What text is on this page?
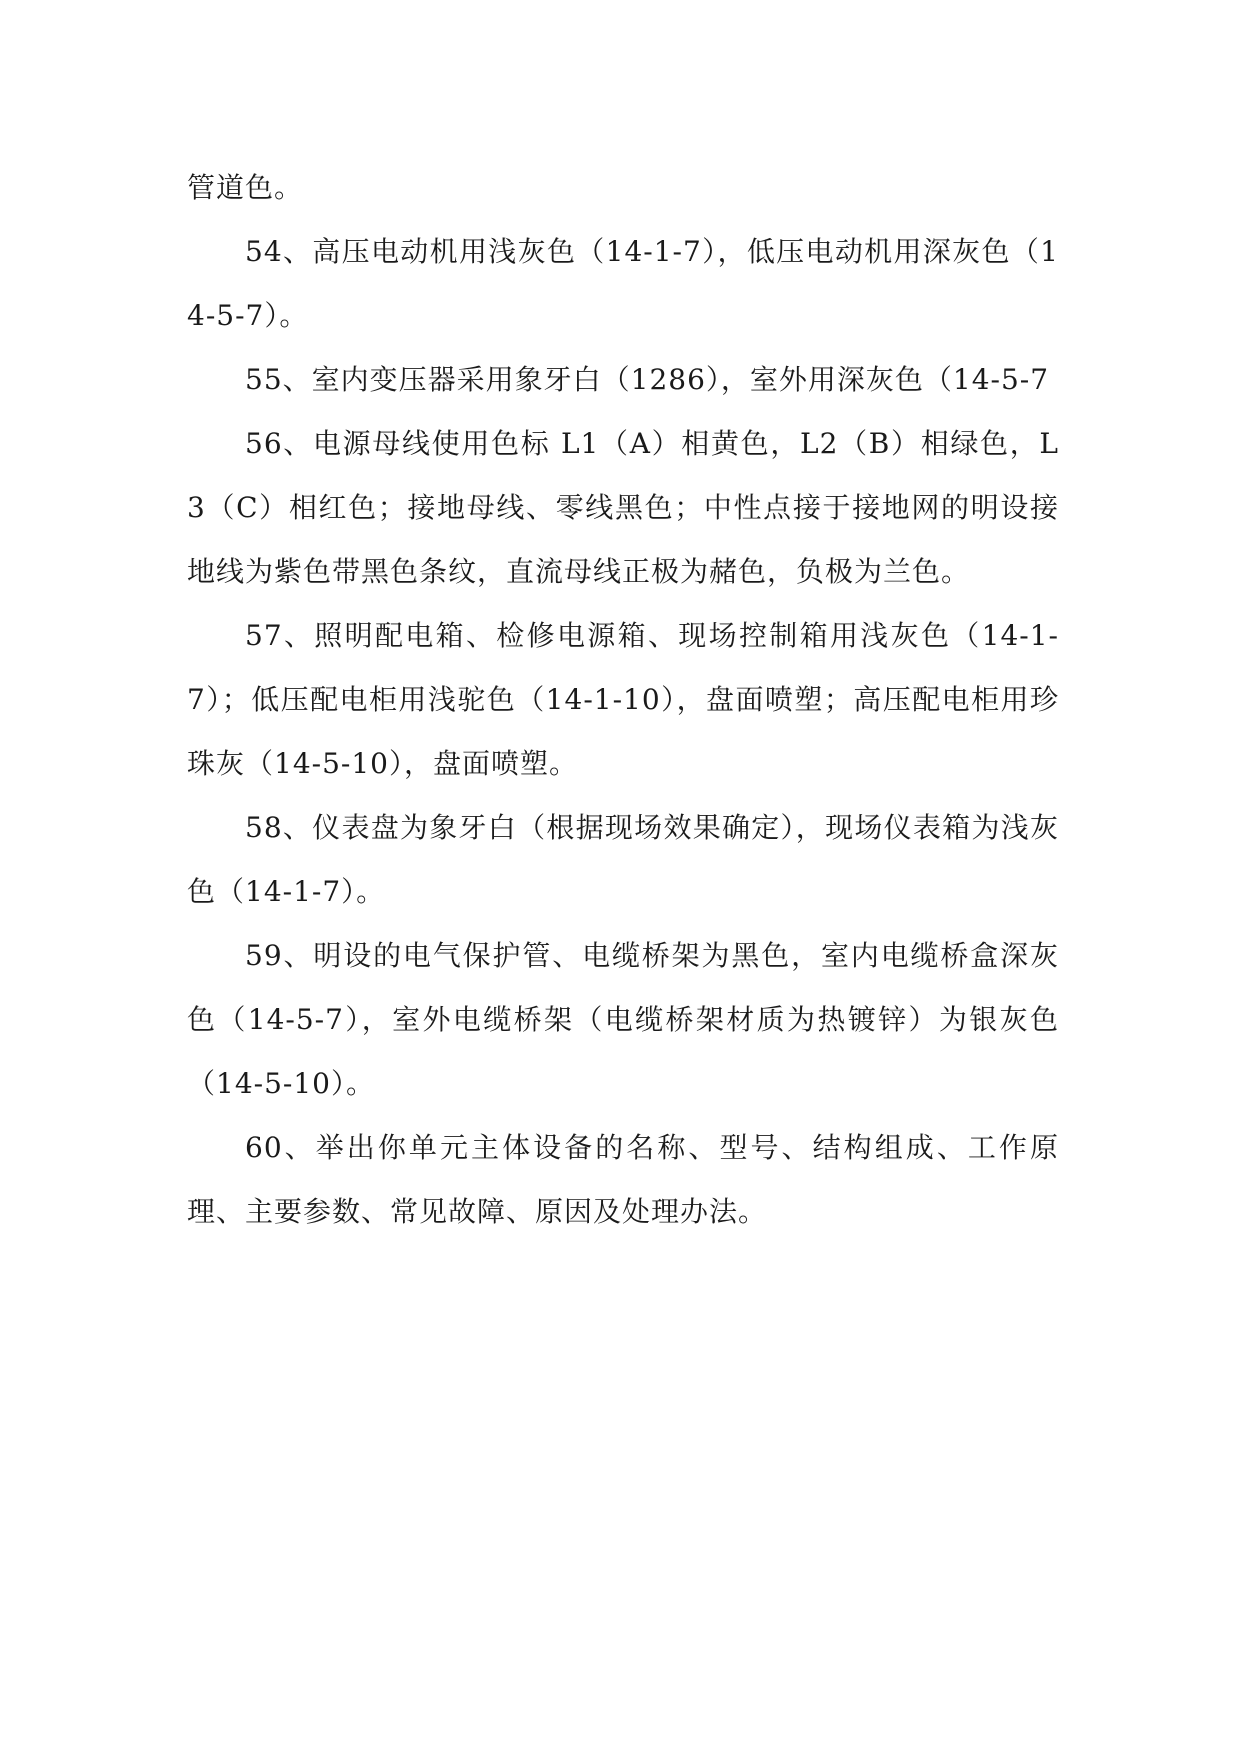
管道色。

54、高压电动机用浅灰色（14-1-7），低压电动机用深灰色（14-5-7）。

55、室内变压器采用象牙白（1286），室外用深灰色（14-5-7

56、电源母线使用色标 L1（A）相黄色，L2（B）相绿色，L3（C）相红色；接地母线、零线黑色；中性点接于接地网的明设接地线为紫色带黑色条纹，直流母线正极为赭色，负极为兰色。

57、照明配电箱、检修电源箱、现场控制箱用浅灰色（14-1-7）；低压配电柜用浅驼色（14-1-10），盘面喷塑；高压配电柜用珍珠灰（14-5-10），盘面喷塑。

58、仪表盘为象牙白（根据现场效果确定），现场仪表箱为浅灰色（14-1-7）。

59、明设的电气保护管、电缆桥架为黑色，室内电缆桥盒深灰色（14-5-7），室外电缆桥架（电缆桥架材质为热镀锌）为银灰色（14-5-10）。

60、举出你单元主体设备的名称、型号、结构组成、工作原理、主要参数、常见故障、原因及处理办法。
